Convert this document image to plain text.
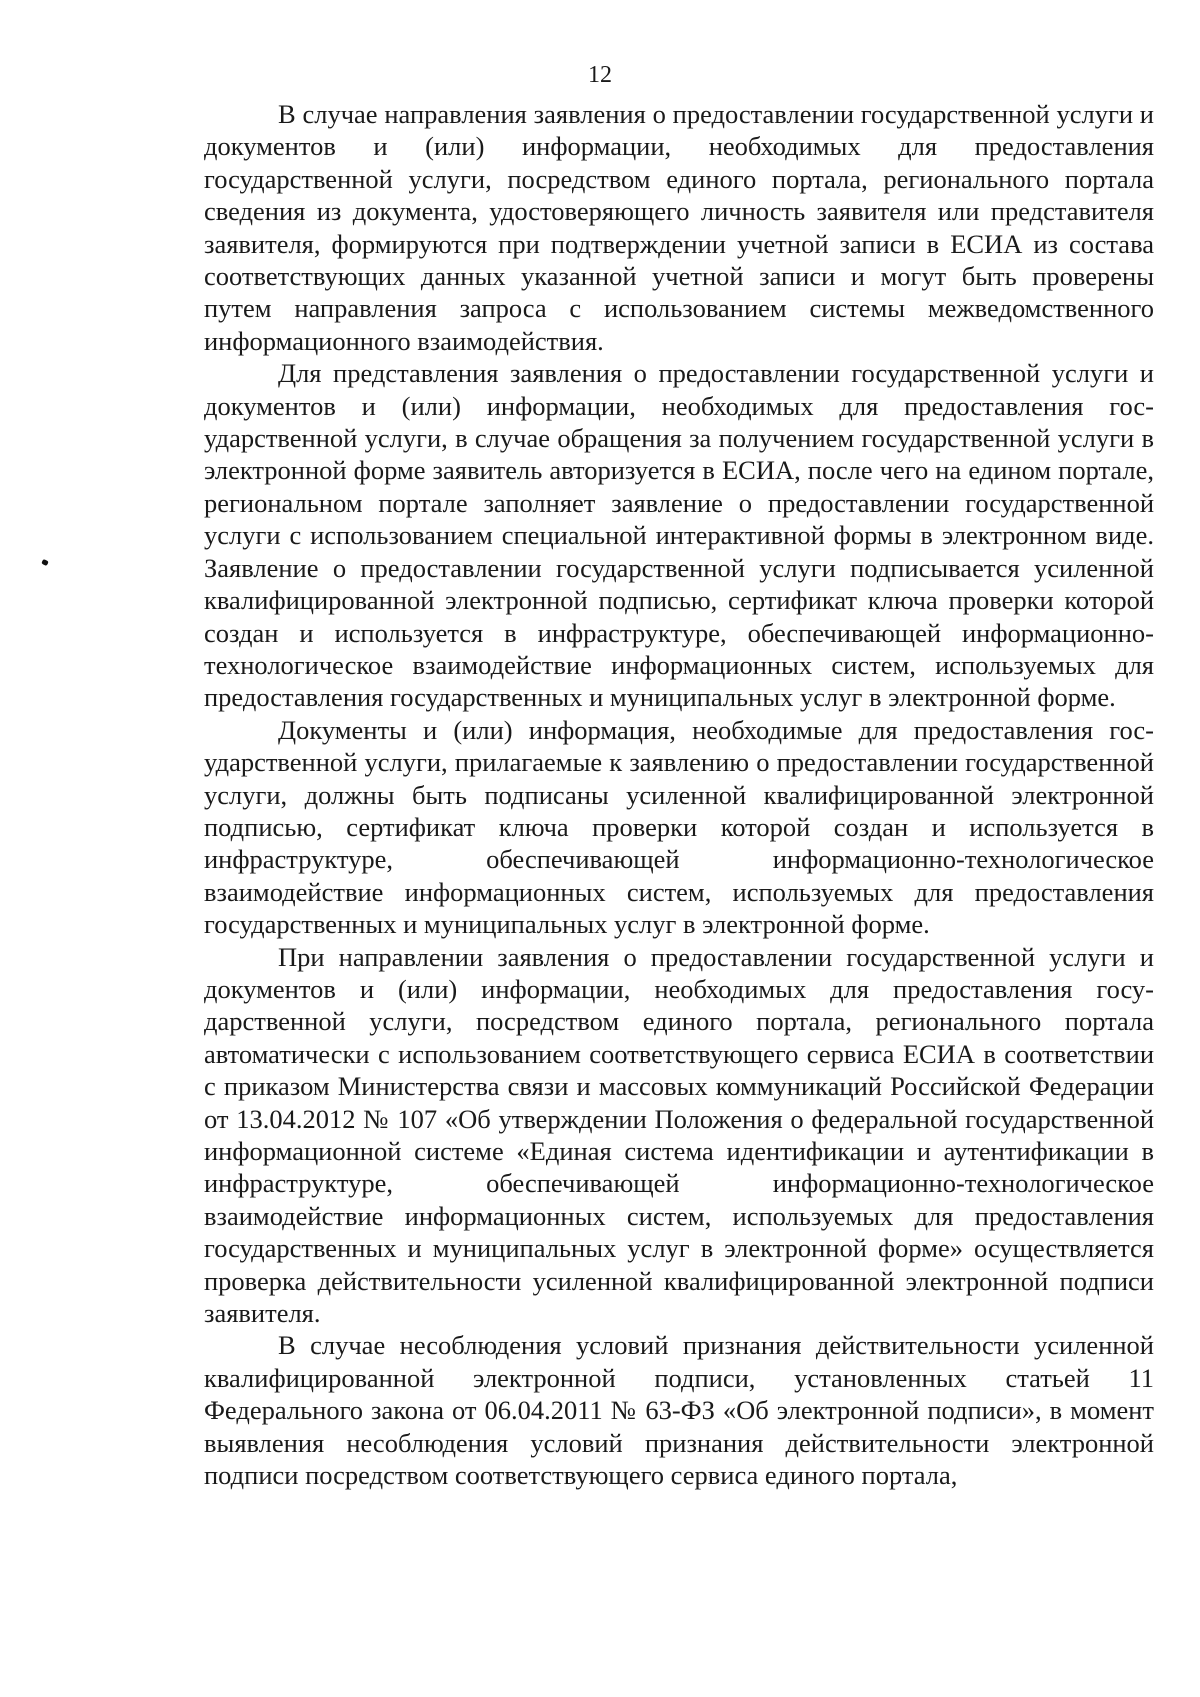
12

В случае направления заявления о предоставлении государственной услуги и документов и (или) информации, необходимых для предоставления государственной услуги, посредством единого портала, регионального портала сведения из документа, удостоверяющего личность заявителя или представителя заявителя, формируются при подтверждении учетной записи в ЕСИА из состава соответствующих данных указанной учетной записи и могут быть проверены путем направления запроса с использованием системы межведомственного информационного взаимодействия.

Для представления заявления о предоставлении государственной услуги и документов и (или) информации, необходимых для предоставления государственной услуги, в случае обращения за получением государственной услуги в электронной форме заявитель авторизуется в ЕСИА, после чего на едином портале, региональном портале заполняет заявление о предоставлении государственной услуги с использованием специальной интерактивной формы в электронном виде. Заявление о предоставлении государственной услуги подписывается усиленной квалифицированной электронной подписью, сертификат ключа проверки которой создан и используется в инфраструктуре, обеспечивающей информационно-технологическое взаимодействие информационных систем, используемых для предоставления государственных и муниципальных услуг в электронной форме.

Документы и (или) информация, необходимые для предоставления государственной услуги, прилагаемые к заявлению о предоставлении государственной услуги, должны быть подписаны усиленной квалифицированной электронной подписью, сертификат ключа проверки которой создан и используется в инфраструктуре, обеспечивающей информационно-технологическое взаимодействие информационных систем, используемых для предоставления государственных и муниципальных услуг в электронной форме.

При направлении заявления о предоставлении государственной услуги и документов и (или) информации, необходимых для предоставления государственной услуги, посредством единого портала, регионального портала автоматически с использованием соответствующего сервиса ЕСИА в соответствии с приказом Министерства связи и массовых коммуникаций Российской Федерации от 13.04.2012 № 107 «Об утверждении Положения о федеральной государственной информационной системе «Единая система идентификации и аутентификации в инфраструктуре, обеспечивающей информационно-технологическое взаимодействие информационных систем, используемых для предоставления государственных и муниципальных услуг в электронной форме» осуществляется проверка действительности усиленной квалифицированной электронной подписи заявителя.

В случае несоблюдения условий признания действительности усиленной квалифицированной электронной подписи, установленных статьей 11 Федерального закона от 06.04.2011 № 63-ФЗ «Об электронной подписи», в момент выявления несоблюдения условий признания действительности электронной подписи посредством соответствующего сервиса единого портала,
